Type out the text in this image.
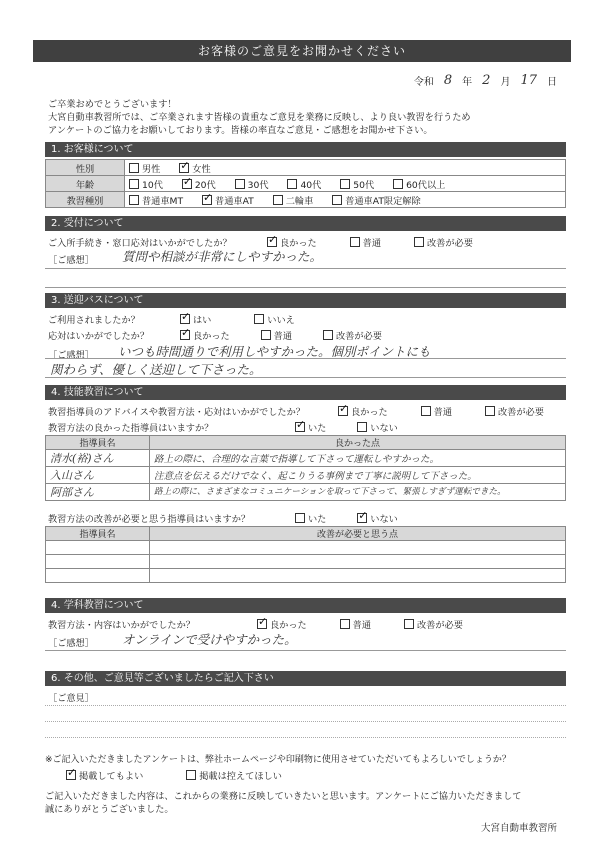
お客様のご意見をお聞かせください
令和 8	年 2	月 17	日
ご卒業おめでとうございます！
大宮自動車教習所では、ご卒業されます皆様の貴重なご意見を業務に反映し、より良い教習を行うため
アンケートのご協力をお願いしております。皆様の率直なご意見・ご感想をお聞かせ下さい。
1. お客様について
性別	男性 ✓ 女性
年齢	10代 ✓ 20代 30代 40代 50代 60代以上
教習種別	普通車MT ✓ 普通車AT 二輪車 普通車AT限定解除
2. 受付について
ご入所手続き・窓口応対はいかがでしたか？ ✓	良かった	普通	改善が必要
［ご感想］ 質問や相談が非常にしやすかった。
3. 送迎バスについて
ご利用されましたか？ ✓	はい	いいえ
応対はいかがでしたか？ ✓	良かった	普通	改善が必要
［ご感想］ いつも時間通りで利用しやすかった。個別ポイントにも
関わらず、優しく送迎して下さった。
4. 技能教習について
教習指導員のアドバイスや教習方法・応対はいかがでしたか？ ✓	良かった	普通	改善が必要
教習方法の良かった指導員はいますか？ ✓	いた	いない
指導員名	良かった点
清水(裕)さん	路上の際に、合理的な言葉で指導して下さって運転しやすかった。
入山さん	注意点を伝えるだけでなく、起こりうる事例まで丁寧に説明して下さった。
阿部さん	路上の際に、さまざまなコミュニケーションを取って下さって、緊張しすぎず運転できた。
教習方法の改善が必要と思う指導員はいますか？	いた ✓	いない
指導員名	改善が必要と思う点

4. 学科教習について
教習方法・内容はいかがでしたか？ ✓	良かった	普通	改善が必要
［ご感想］ オンラインで受けやすかった。
6. その他、ご意見等ございましたらご記入下さい
［ご意見］
※ご記入いただきましたアンケートは、弊社ホームページや印刷物に使用させていただいてもよろしいでしょうか？
✓掲載してもよい	掲載は控えてほしい
ご記入いただきました内容は、これからの業務に反映していきたいと思います。アンケートにご協力いただきまして
誠にありがとうございました。
大宮自動車教習所
